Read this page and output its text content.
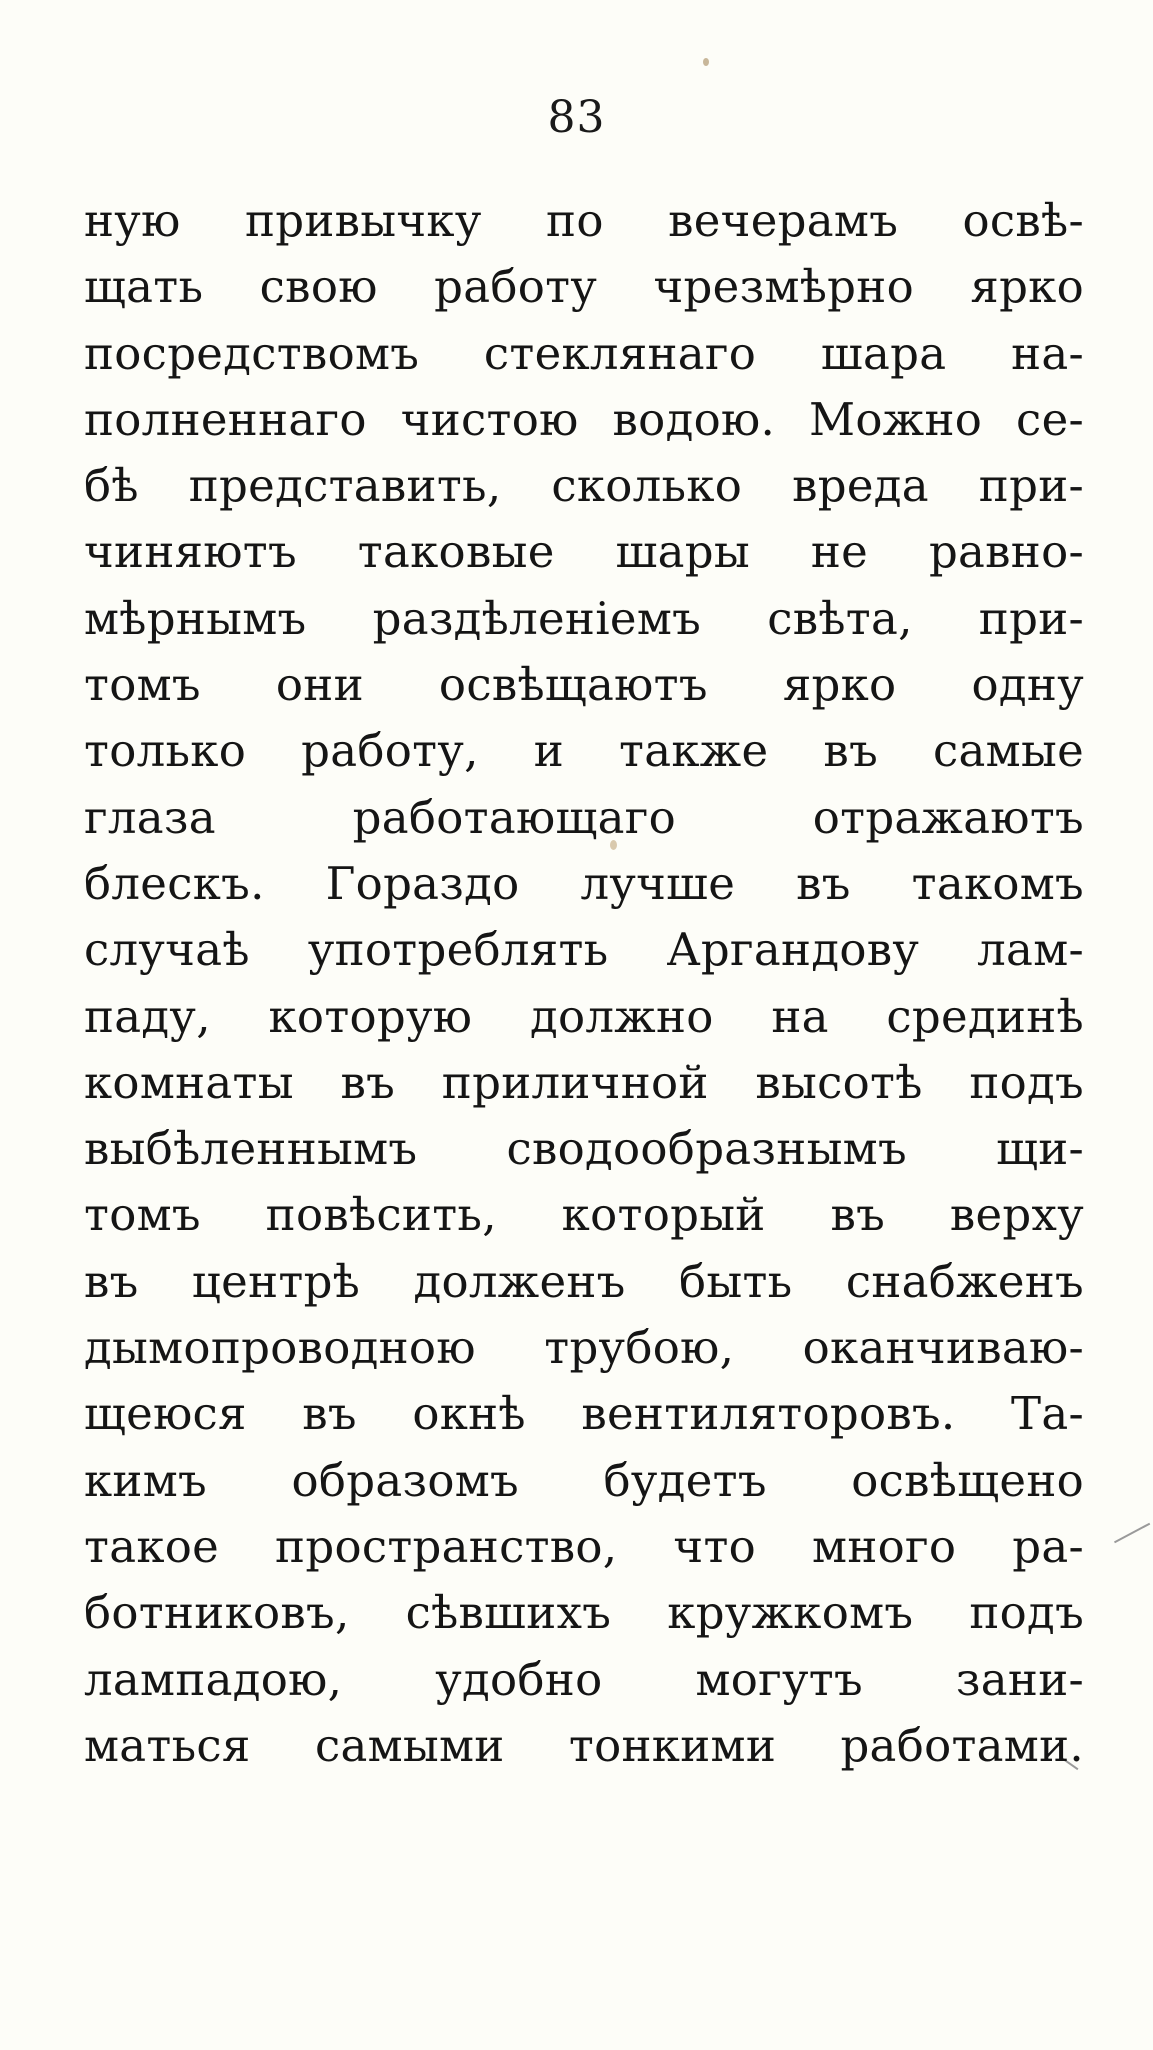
83
ную привычку по вечерамъ освѣ-
щать свою работу чрезмѣрно ярко
посредствомъ стеклянаго шара на-
полненнаго чистою водою. Можно се-
бѣ представить, сколько вреда при-
чиняютъ таковые шары не равно-
мѣрнымъ раздѣленiемъ свѣта, при-
томъ они освѣщаютъ ярко одну
только работу, и также въ самые
глаза работающаго отражаютъ
блескъ. Гораздо лучше въ такомъ
случаѣ употреблять Аргандову лам-
паду, которую должно на срединѣ
комнаты въ приличной высотѣ подъ
выбѣленнымъ сводообразнымъ щи-
томъ повѣсить, который въ верху
въ центрѣ долженъ быть снабженъ
дымопроводною трубою, оканчиваю-
щеюся въ окнѣ вентиляторовъ. Та-
кимъ образомъ будетъ освѣщено
такое пространство, что много ра-
ботниковъ, сѣвшихъ кружкомъ подъ
лампадою, удобно могутъ зани-
маться самыми тонкими работами.
